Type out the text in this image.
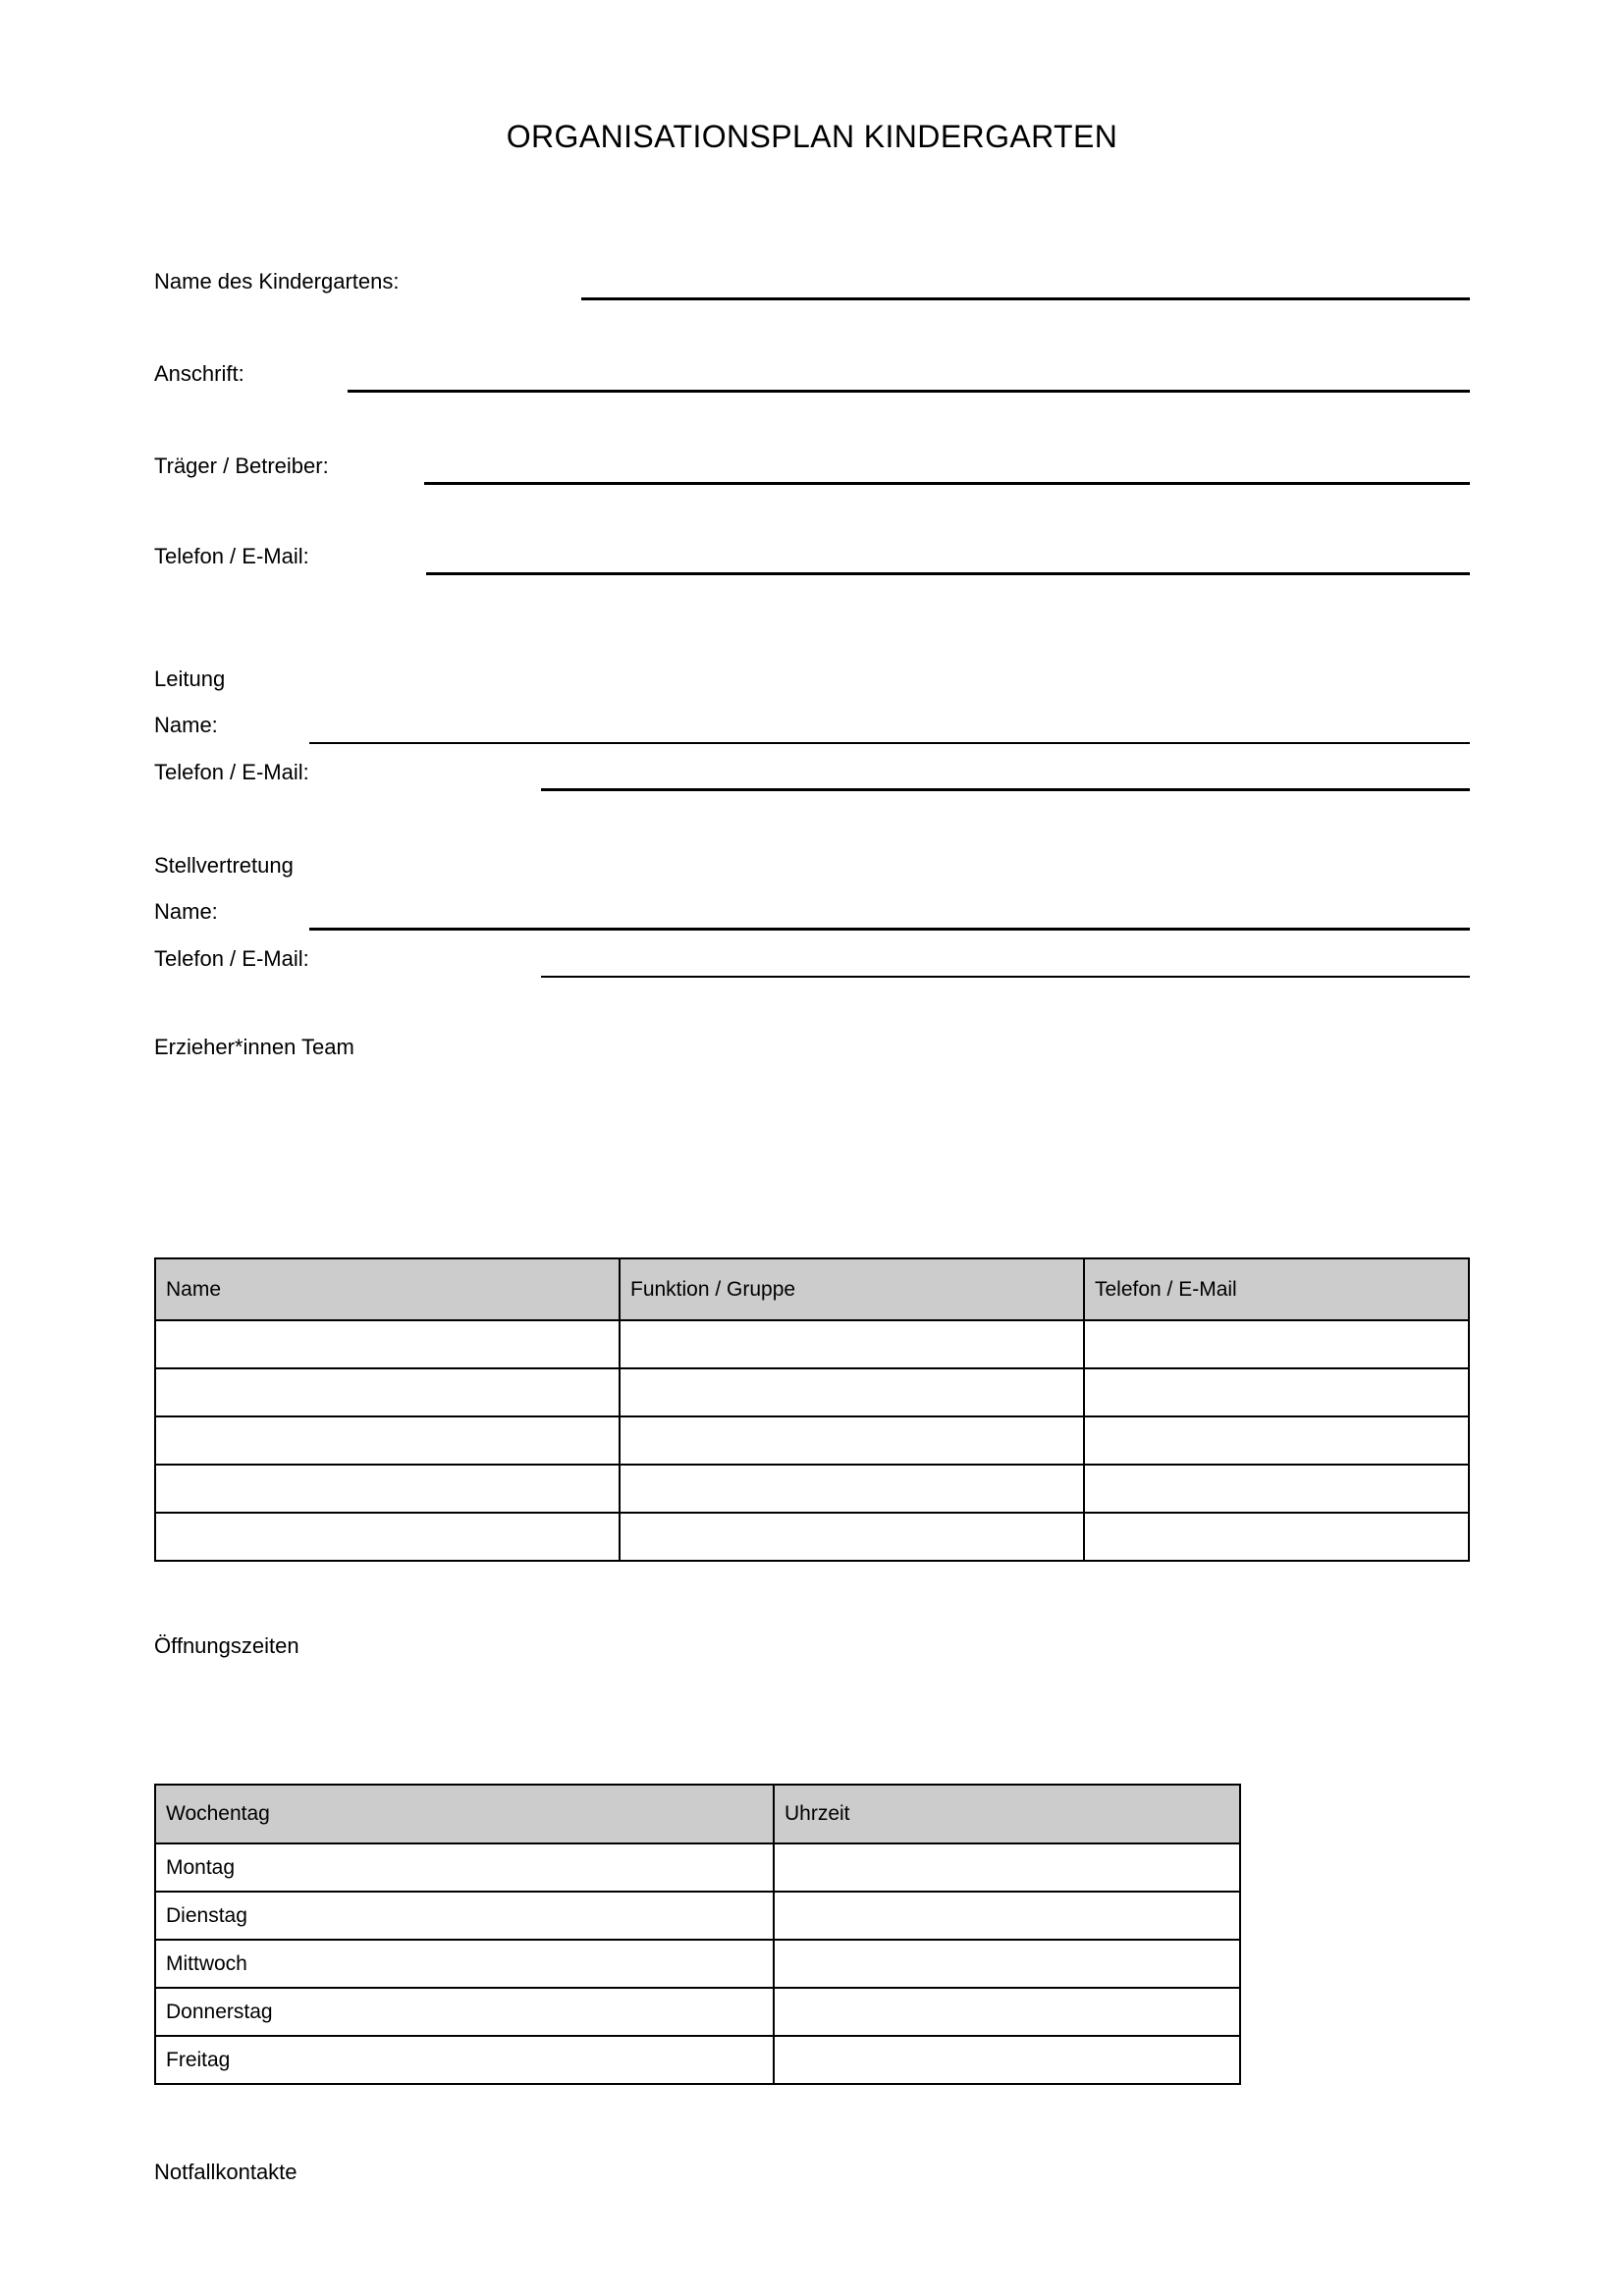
ORGANISATIONSPLAN KINDERGARTEN
Name des Kindergartens:
Anschrift:
Träger / Betreiber:
Telefon / E-Mail:
Leitung
Name:
Telefon / E-Mail:
Stellvertretung
Name:
Telefon / E-Mail:
Erzieher*innen Team
Name	Funktion / Gruppe	Telefon / E-Mail

Öffnungszeiten
Wochentag	Uhrzeit
Montag	
Dienstag	
Mittwoch	
Donnerstag	
Freitag	
Notfallkontakte
